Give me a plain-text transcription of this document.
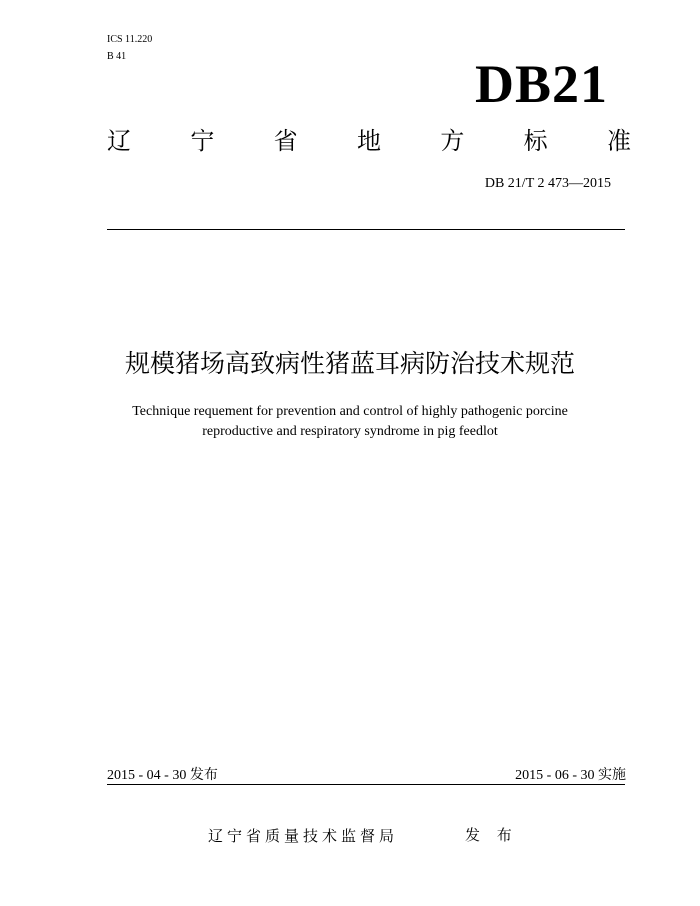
ICS 11.220
B 41	DB21
辽 宁 省 地 方 标 准
DB 21/T 2 473—2015
规模猪场高致病性猪蓝耳病防治技术规范
Technique requement for prevention and control of highly pathogenic porcine
reproductive and respiratory syndrome in pig feedlot
2015 - 04 - 30 发布	2015 - 06 - 30 实施
辽宁省质量技术监督局	发 布
